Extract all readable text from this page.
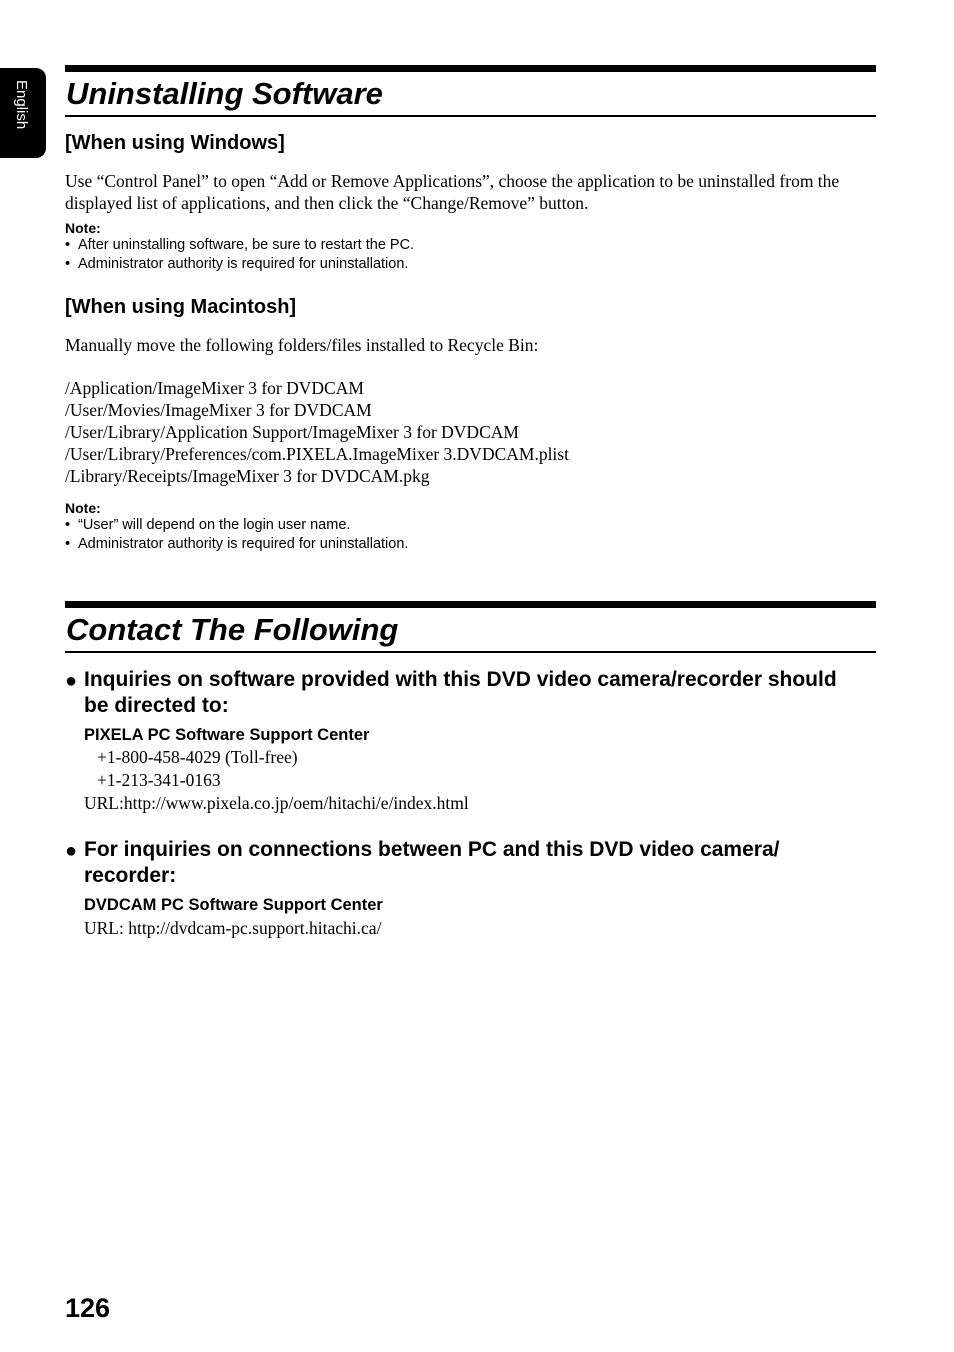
English Uninstalling Software
[When using Windows]

Use “Control Panel” to open “Add or Remove Applications”, choose the application to be uninstalled from the displayed list of applications, and then click the “Change/Remove” button.

Note:

• After uninstalling software, be sure to restart the PC.
• Administrator authority is required for uninstallation.
[When using Macintosh]

Manually move the following folders/files installed to Recycle Bin:

/Application/ImageMixer 3 for DVDCAM
/User/Movies/ImageMixer 3 for DVDCAM
/User/Library/Application Support/ImageMixer 3 for DVDCAM
/User/Library/Preferences/com.PIXELA.ImageMixer 3.DVDCAM.plist
/Library/Receipts/ImageMixer 3 for DVDCAM.pkg

Note:

• “User” will depend on the login user name.
• Administrator authority is required for uninstallation.
Contact The Following
● Inquiries on software provided with this DVD video camera/recorder should be directed to:

PIXELA PC Software Support Center

+1-800-458-4029 (Toll-free)

+1-213-341-0163

URL:http://www.pixela.co.jp/oem/hitachi/e/index.html

● For inquiries on connections between PC and this DVD video camera/ recorder:

DVDCAM PC Software Support Center

URL: http://dvdcam-pc.support.hitachi.ca/

126
